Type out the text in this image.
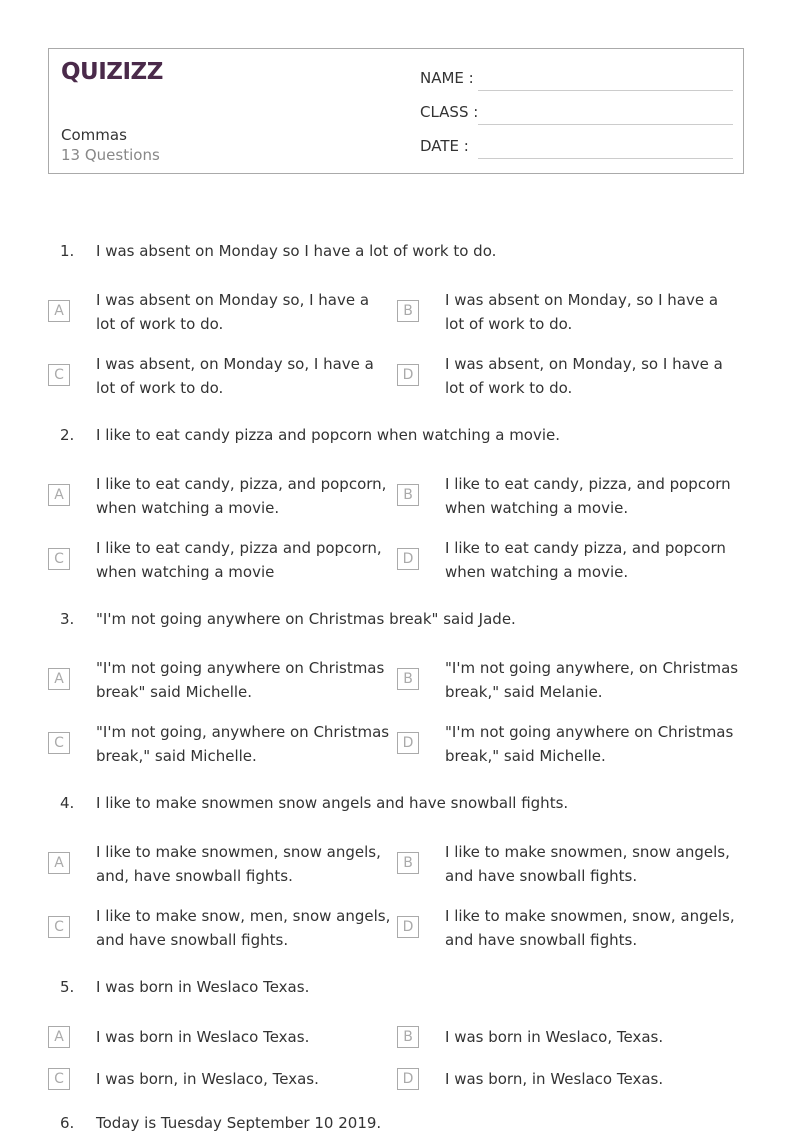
QUIZIZZ
Commas
13 Questions
NAME :
CLASS :
DATE :
1. I was absent on Monday so I have a lot of work to do.
A
I was absent on Monday so, I have a lot of work to do.
B
I was absent on Monday, so I have a lot of work to do.
C
I was absent, on Monday so, I have a lot of work to do.
D
I was absent, on Monday, so I have a lot of work to do.
2. I like to eat candy pizza and popcorn when watching a movie.
A
I like to eat candy, pizza, and popcorn, when watching a movie.
B
I like to eat candy, pizza, and popcorn when watching a movie.
C
I like to eat candy, pizza and popcorn, when watching a movie
D
I like to eat candy pizza, and popcorn when watching a movie.
3. "I'm not going anywhere on Christmas break" said Jade.
A
"I'm not going anywhere on Christmas break" said Michelle.
B
"I'm not going anywhere, on Christmas break," said Melanie.
C
"I'm not going, anywhere on Christmas break," said Michelle.
D
"I'm not going anywhere on Christmas break," said Michelle.
4. I like to make snowmen snow angels and have snowball fights.
A
I like to make snowmen, snow angels, and, have snowball fights.
B
I like to make snowmen, snow angels, and have snowball fights.
C
I like to make snow, men, snow angels, and have snowball fights.
D
I like to make snowmen, snow, angels, and have snowball fights.
5. I was born in Weslaco Texas.
A	I was born in Weslaco Texas.	B	I was born in Weslaco, Texas.
C	I was born, in Weslaco, Texas.	D	I was born, in Weslaco Texas.
6. Today is Tuesday September 10 2019.
